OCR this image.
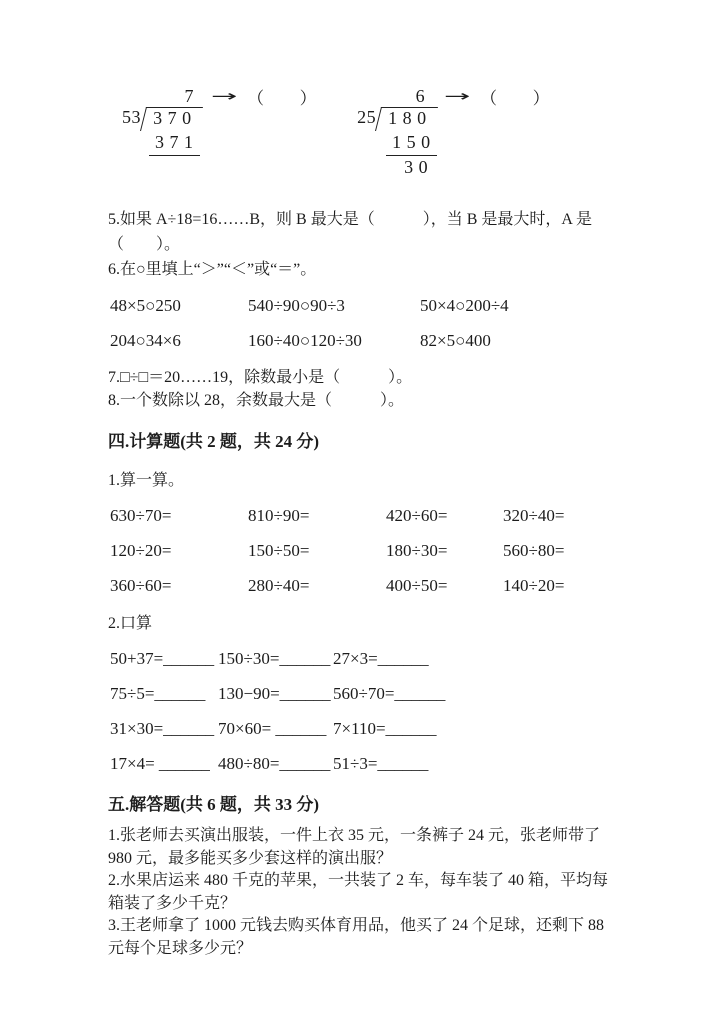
7	→ （　　）
53 3 7 0
3 7 1
6	→ （　　）
25 1 8 0
1 5 0
3 0

5.如果 A÷18=16……B，则 B 最大是（　　　），当 B 是最大时，A 是

（　　）。

6.在○里填上“＞”“＜”或“＝”。

48×5○250	540÷90○90÷3	50×4○200÷4
204○34×6	160÷40○120÷30	82×5○400

7.□÷□＝20……19，除数最小是（　　　）。

8.一个数除以 28，余数最大是（　　　）。

四.计算题(共 2 题，共 24 分)

1.算一算。

630÷70=	810÷90=	420÷60=	320÷40=
120÷20=	150÷50=	180÷30=	560÷80=
360÷60=	280÷40=	400÷50=	140÷20=

2.口算

50+37=______ 150÷30=______ 27×3=______
75÷5=______ 130−90=______ 560÷70=______
31×30=______ 70×60= ______ 7×110=______
17×4= ______ 480÷80=______ 51÷3=______
五.解答题(共 6 题，共 33 分)

1.张老师去买演出服装，一件上衣 35 元，一条裤子 24 元，张老师带了 980 元，最多能买多少套这样的演出服？

2.水果店运来 480 千克的苹果，一共装了 2 车，每车装了 40 箱，平均每箱装了多少千克？

3.王老师拿了 1000 元钱去购买体育用品，他买了 24 个足球，还剩下 88 元每个足球多少元？
